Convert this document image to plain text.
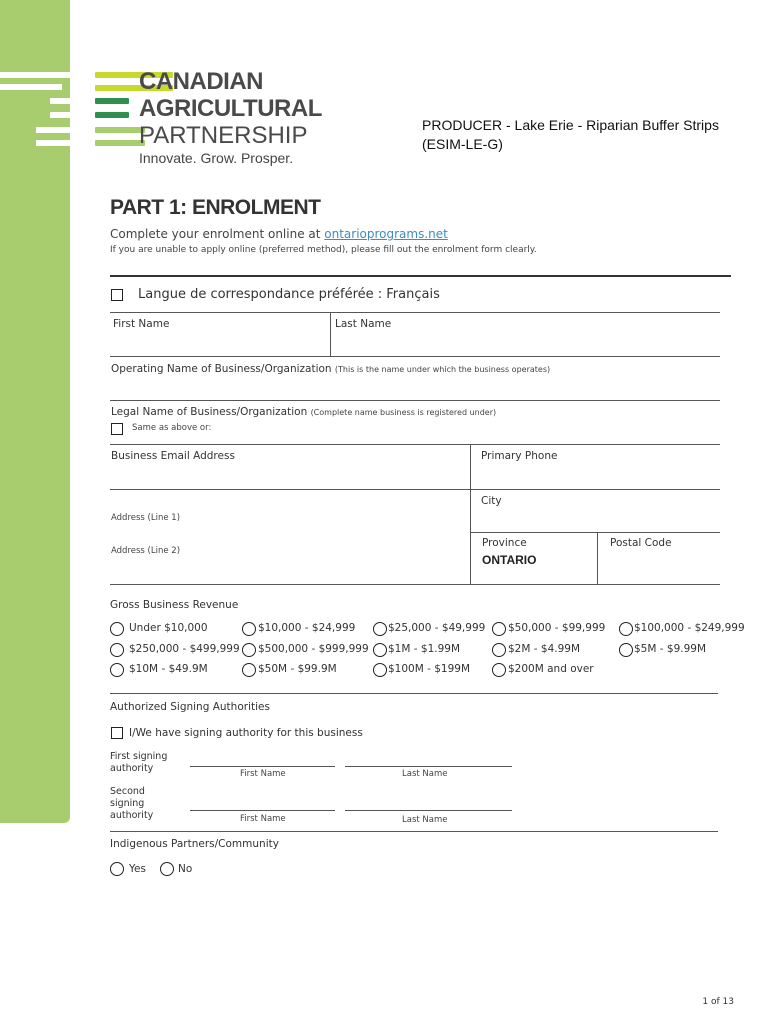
CANADIAN
AGRICULTURAL
PARTNERSHIP
Innovate. Grow. Prosper.
PRODUCER - Lake Erie - Riparian Buffer Strips
(ESIM-LE-G)
PART 1: ENROLMENT
Complete your enrolment online at ontarioprograms.net
If you are unable to apply online (preferred method), please fill out the enrolment form clearly.
Langue de correspondance préférée : Français
First Name	Last Name
Operating Name of Business/Organization (This is the name under which the business operates)
Legal Name of Business/Organization (Complete name business is registered under)
Same as above or:
Business Email Address	Primary Phone
City
Address (Line 1)
Address (Line 2)
Province
ONTARIO
Postal Code
Gross Business Revenue
Under $10,000	$10,000 - $24,999	$25,000 - $49,999 $50,000 - $99,999	$100,000 - $249,999
$250,000 - $499,999 $500,000 - $999,999 $1M - $1.99M	$2M - $4.99M	$5M - $9.99M
$10M - $49.9M	$50M - $99.9M	$100M - $199M	$200M and over
Authorized Signing Authorities
I/We have signing authority for this business
First signing authority	First Name	Last Name
Second signing authority	First Name	Last Name
Indigenous Partners/Community
Yes	No
1 of 13
